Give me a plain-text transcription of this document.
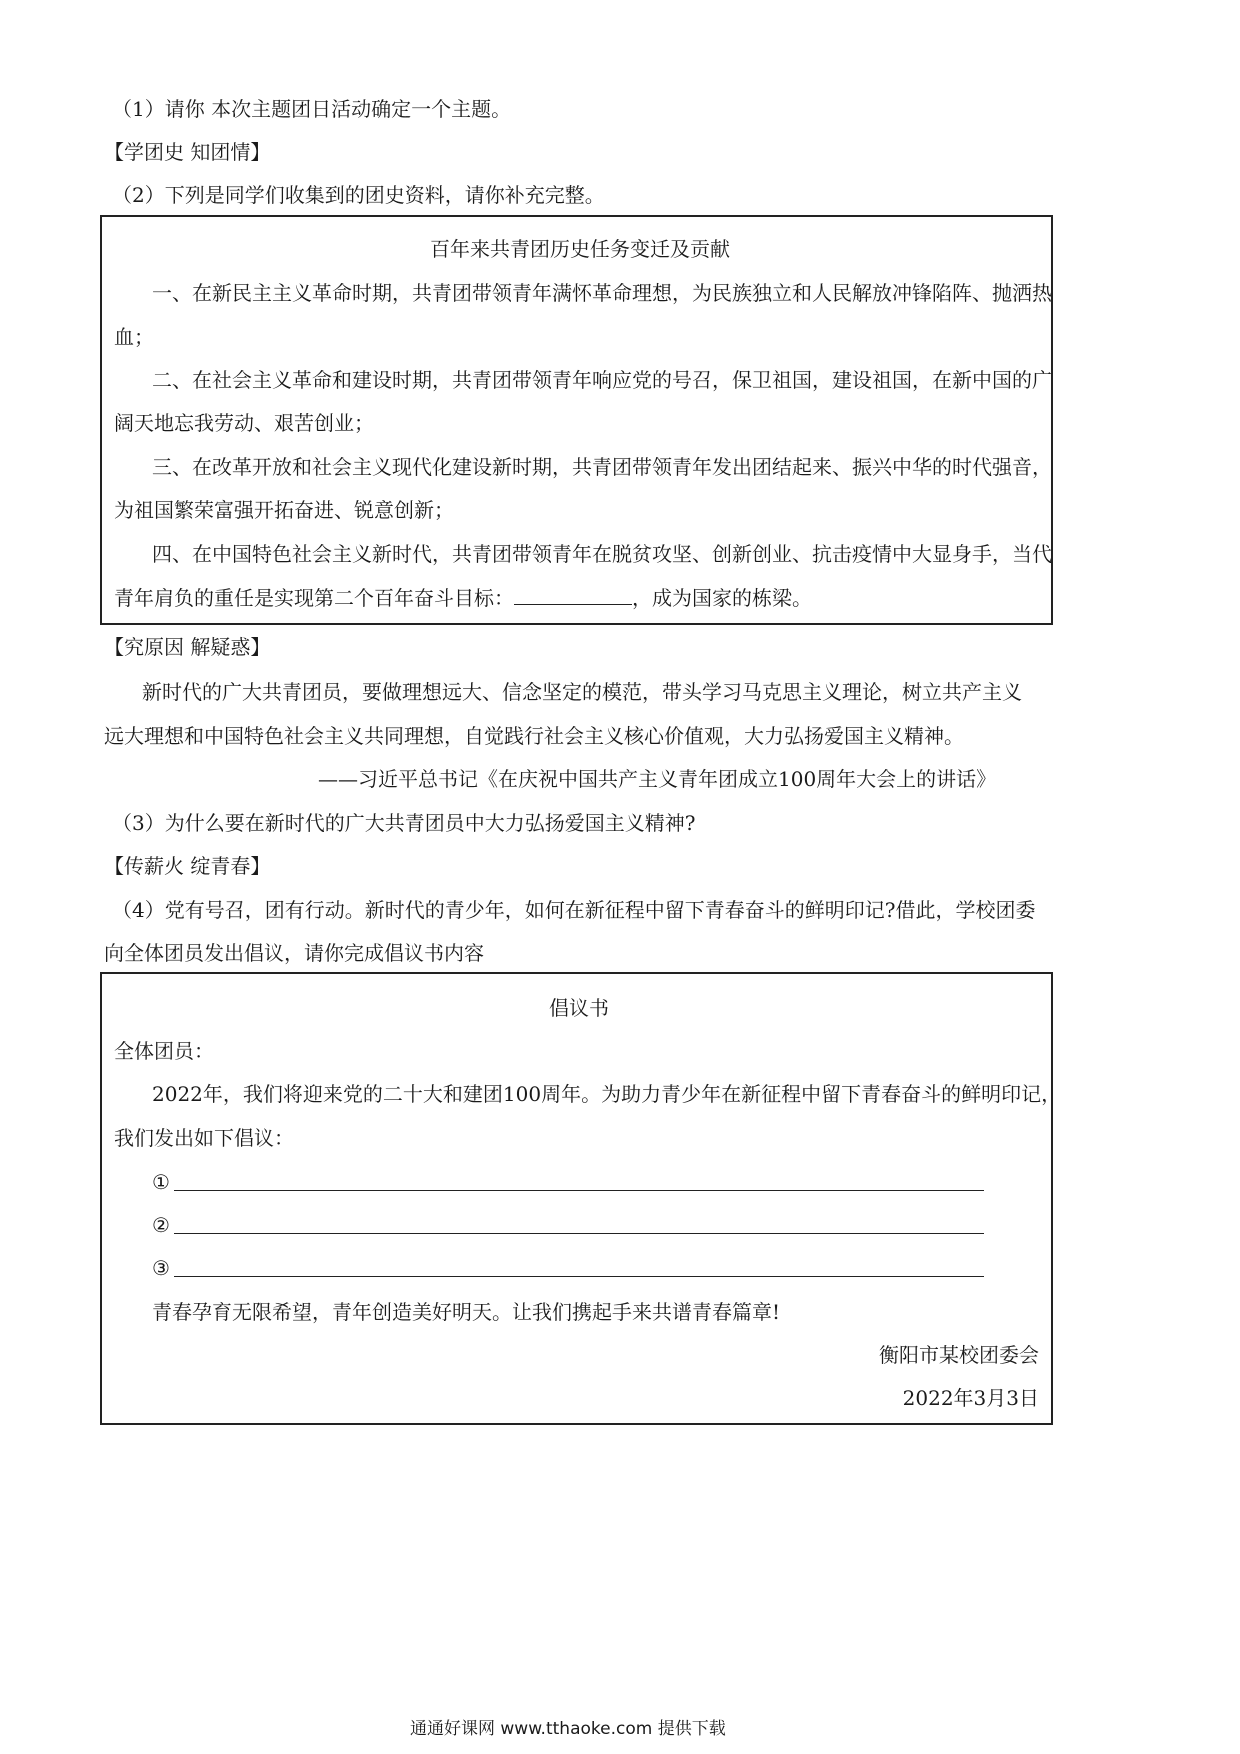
（1）请你 本次主题团日活动确定一个主题。
【学团史 知团情】
（2）下列是同学们收集到的团史资料，请你补充完整。
百年来共青团历史任务变迁及贡献
一、在新民主主义革命时期，共青团带领青年满怀革命理想，为民族独立和人民解放冲锋陷阵、抛洒热
血；
二、在社会主义革命和建设时期，共青团带领青年响应党的号召，保卫祖国，建设祖国，在新中国的广
阔天地忘我劳动、艰苦创业；
三、在改革开放和社会主义现代化建设新时期，共青团带领青年发出团结起来、振兴中华的时代强音，
为祖国繁荣富强开拓奋进、锐意创新；
四、在中国特色社会主义新时代，共青团带领青年在脱贫攻坚、创新创业、抗击疫情中大显身手，当代
青年肩负的重任是实现第二个百年奋斗目标：	，成为国家的栋梁。
【究原因 解疑惑】
新时代的广大共青团员，要做理想远大、信念坚定的模范，带头学习马克思主义理论，树立共产主义
远大理想和中国特色社会主义共同理想，自觉践行社会主义核心价值观，大力弘扬爱国主义精神。
——习近平总书记《在庆祝中国共产主义青年团成立100周年大会上的讲话》
（3）为什么要在新时代的广大共青团员中大力弘扬爱国主义精神?
【传薪火 绽青春】
（4）党有号召，团有行动。新时代的青少年，如何在新征程中留下青春奋斗的鲜明印记?借此，学校团委
向全体团员发出倡议，请你完成倡议书内容
倡议书
全体团员：
2022年，我们将迎来党的二十大和建团100周年。为助力青少年在新征程中留下青春奋斗的鲜明印记，
我们发出如下倡议：
①
②
③
青春孕育无限希望，青年创造美好明天。让我们携起手来共谱青春篇章!
衡阳市某校团委会
2022年3月3日
通通好课网 www.tthaoke.com 提供下载
